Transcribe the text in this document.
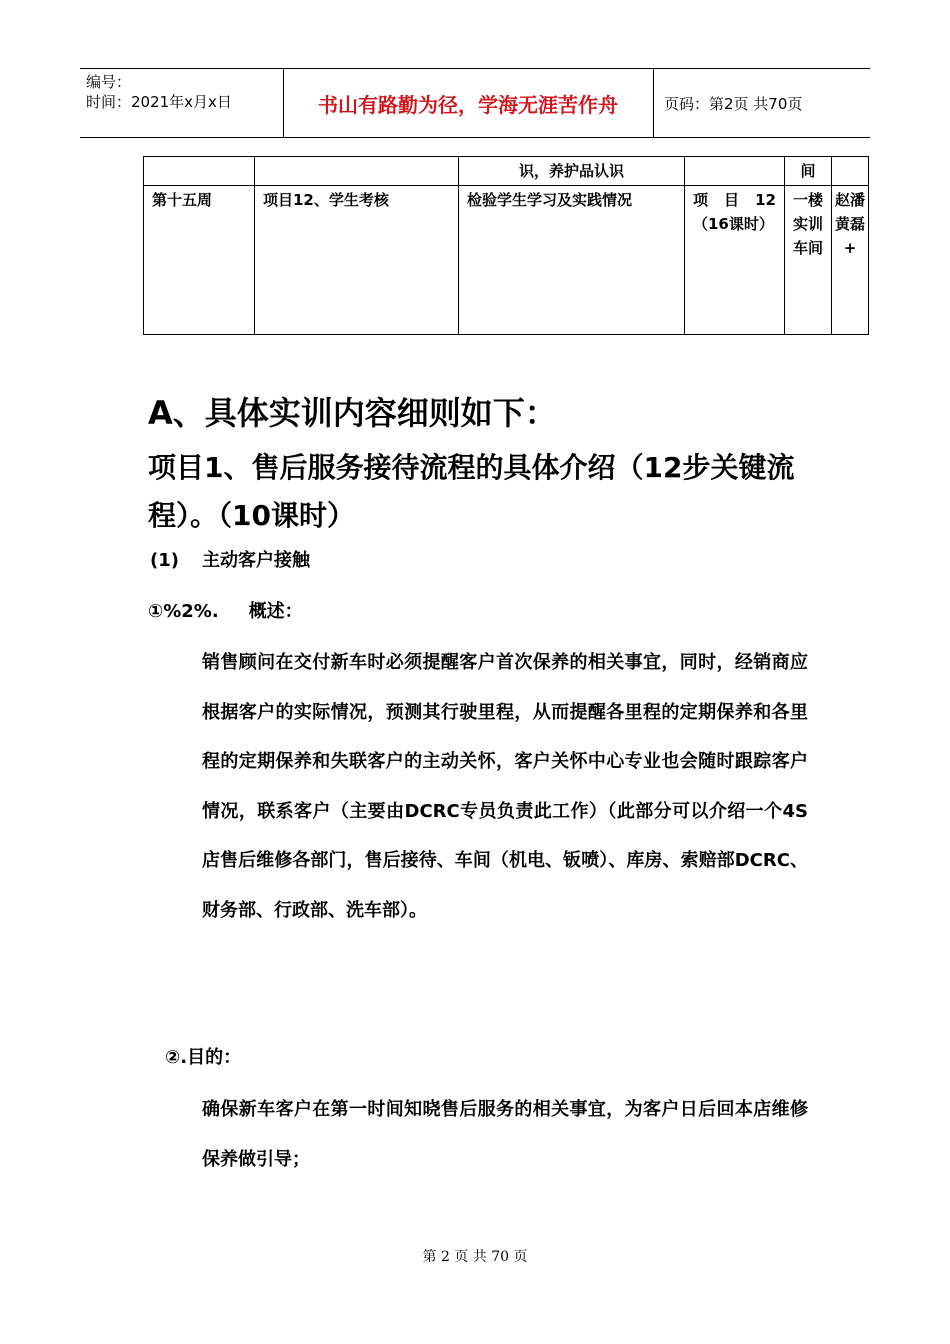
编号：
时间：2021年x月x日	书山有路勤为径，学海无涯苦作舟	页码：第2页 共70页
		识，养护品认识		间	
第十五周	项目12、学生考核	检验学生学习及实践情况	项 目 12（16课时）	一楼实训车间	赵潘黄磊+
A、具体实训内容细则如下：
项目1、售后服务接待流程的具体介绍（12步关键流程）。（10课时）
(1) 主动客户接触
①%2%. 概述：
销售顾问在交付新车时必须提醒客户首次保养的相关事宜，同时，经销商应根据客户的实际情况，预测其行驶里程，从而提醒各里程的定期保养和各里程的定期保养和失联客户的主动关怀，客户关怀中心专业也会随时跟踪客户情况，联系客户（主要由DCRC专员负责此工作）（此部分可以介绍一个4S店售后维修各部门，售后接待、车间（机电、钣喷）、库房、索赔部DCRC、财务部、行政部、洗车部）。
②.目的：
确保新车客户在第一时间知晓售后服务的相关事宜，为客户日后回本店维修保养做引导；
第 2 页 共 70 页
